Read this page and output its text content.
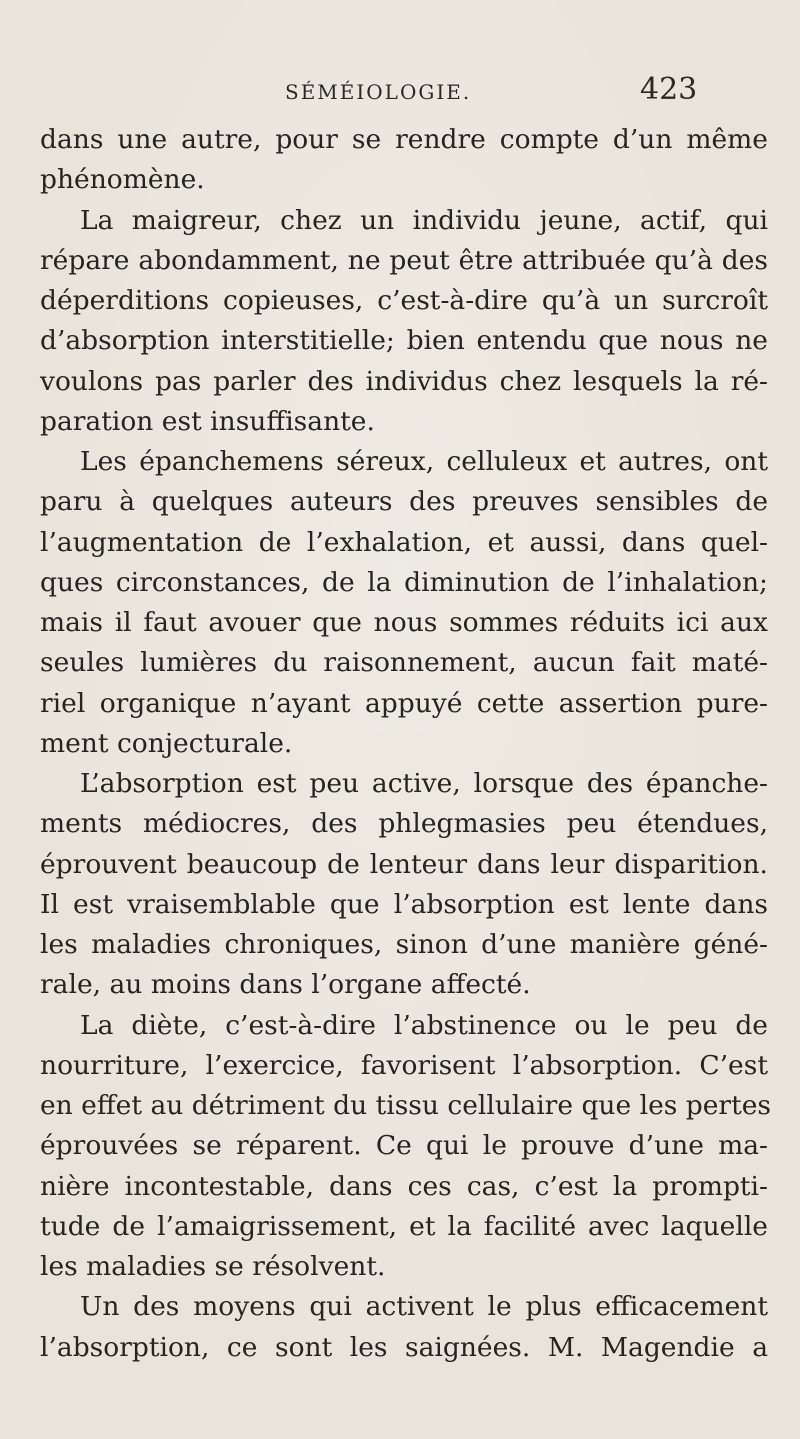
SÉMÉIOLOGIE.	423
dans une autre, pour se rendre compte d’un même
phénomène.
La maigreur, chez un individu jeune, actif, qui
répare abondamment, ne peut être attribuée qu’à des
déperditions copieuses, c’est-à-dire qu’à un surcroît
d’absorption interstitielle; bien entendu que nous ne
voulons pas parler des individus chez lesquels la ré-
paration est insuffisante.
Les épanchemens séreux, celluleux et autres, ont
paru à quelques auteurs des preuves sensibles de
l’augmentation de l’exhalation, et aussi, dans quel-
ques circonstances, de la diminution de l’inhalation;
mais il faut avouer que nous sommes réduits ici aux
seules lumières du raisonnement, aucun fait maté-
riel organique n’ayant appuyé cette assertion pure-
ment conjecturale.
L’absorption est peu active, lorsque des épanche-
ments médiocres, des phlegmasies peu étendues,
éprouvent beaucoup de lenteur dans leur disparition.
Il est vraisemblable que l’absorption est lente dans
les maladies chroniques, sinon d’une manière géné-
rale, au moins dans l’organe affecté.
La diète, c’est-à-dire l’abstinence ou le peu de
nourriture, l’exercice, favorisent l’absorption. C’est
en effet au détriment du tissu cellulaire que les pertes
éprouvées se réparent. Ce qui le prouve d’une ma-
nière incontestable, dans ces cas, c’est la prompti-
tude de l’amaigrissement, et la facilité avec laquelle
les maladies se résolvent.
Un des moyens qui activent le plus efficacement
l’absorption, ce sont les saignées. M. Magendie a
